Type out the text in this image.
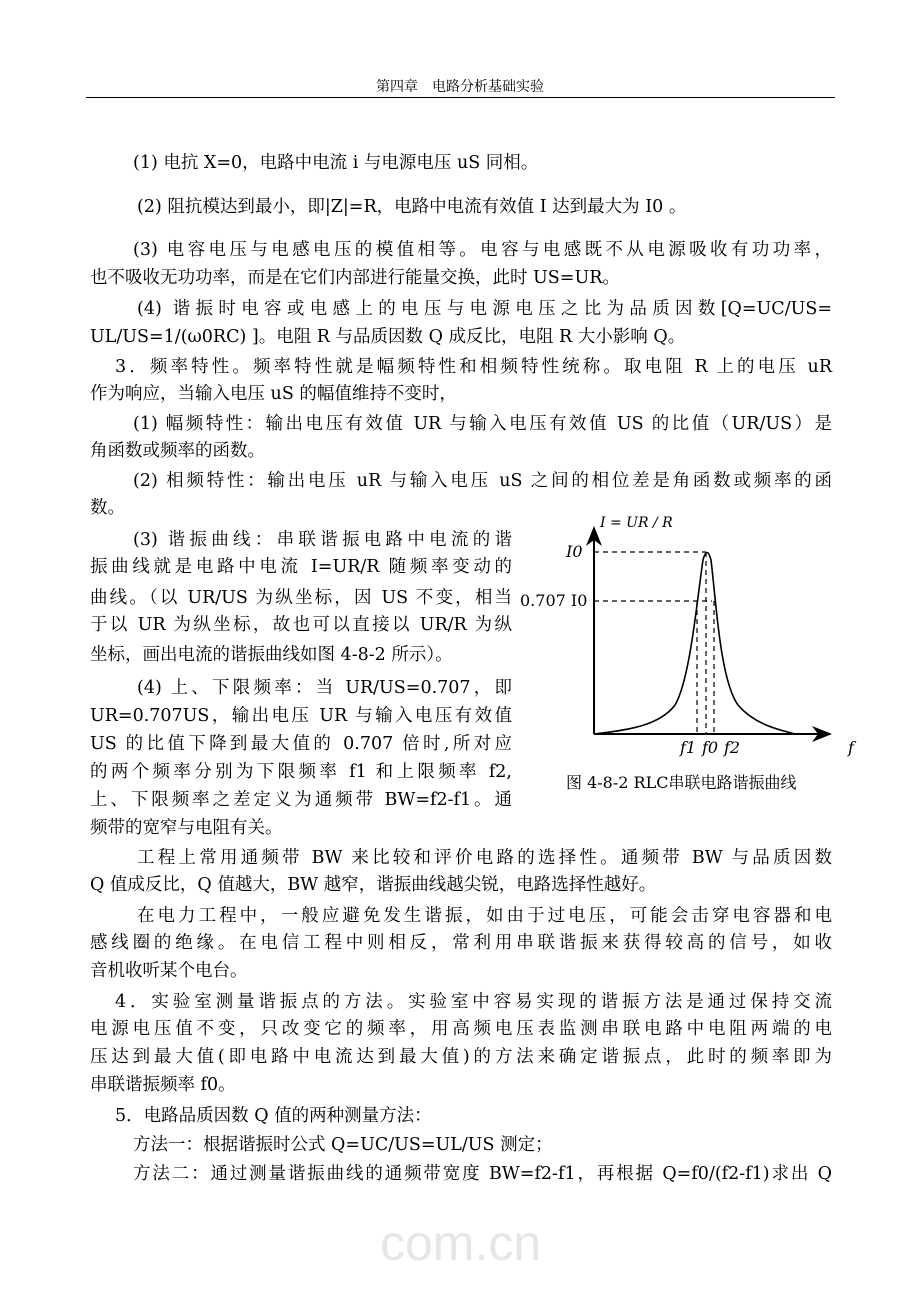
com.cn
第四章　电路分析基础实验
(1) 电抗 X=0，电路中电流 i 与电源电压 uS 同相。
(2) 阻抗模达到最小，即|Z|=R，电路中电流有效值 I 达到最大为 I0 。
(3) 电容电压与电感电压的模值相等。电容与电感既不从电源吸收有功功率，
也不吸收无功功率，而是在它们内部进行能量交换，此时 US=UR。
(4) 谐振时电容或电感上的电压与电源电压之比为品质因数[Q=UC/US=
UL/US=1/(ω0RC) ]。电阻 R 与品质因数 Q 成反比，电阻 R 大小影响 Q。
3．频率特性。频率特性就是幅频特性和相频特性统称。取电阻 R 上的电压 uR
作为响应，当输入电压 uS 的幅值维持不变时，
(1) 幅频特性：输出电压有效值 UR 与输入电压有效值 US 的比值（UR/US）是
角函数或频率的函数。
(2) 相频特性：输出电压 uR 与输入电压 uS 之间的相位差是角函数或频率的函
数。
(3) 谐振曲线：串联谐振电路中电流的谐
振曲线就是电路中电流 I=UR/R 随频率变动的
曲线。（以 UR/US 为纵坐标，因 US 不变，相当
于以 UR 为纵坐标，故也可以直接以 UR/R 为纵
坐标，画出电流的谐振曲线如图 4-8-2 所示）。
(4) 上、下限频率：当 UR/US=0.707，即
UR=0.707US，输出电压 UR 与输入电压有效值
US 的比值下降到最大值的 0.707 倍时,所对应
的两个频率分别为下限频率 f1 和上限频率 f2,
上、下限频率之差定义为通频带 BW=f2-f1。通
频带的宽窄与电阻有关。
工程上常用通频带 BW 来比较和评价电路的选择性。通频带 BW 与品质因数
Q 值成反比，Q 值越大，BW 越窄，谐振曲线越尖锐，电路选择性越好。
在电力工程中，一般应避免发生谐振，如由于过电压，可能会击穿电容器和电
感线圈的绝缘。在电信工程中则相反，常利用串联谐振来获得较高的信号，如收
音机收听某个电台。
4．实验室测量谐振点的方法。实验室中容易实现的谐振方法是通过保持交流
电源电压值不变，只改变它的频率，用高频电压表监测串联电路中电阻两端的电
压达到最大值(即电路中电流达到最大值)的方法来确定谐振点，此时的频率即为
串联谐振频率 f0。
5．电路品质因数 Q 值的两种测量方法：
方法一：根据谐振时公式 Q=UC/US=UL/US 测定；
方法二：通过测量谐振曲线的通频带宽度 BW=f2-f1，再根据 Q=f0/(f2-f1)求出 Q
I = UR / R
I0
0.707 I0
f1 f0 f2	f
图 4-8-2 RLC串联电路谐振曲线
